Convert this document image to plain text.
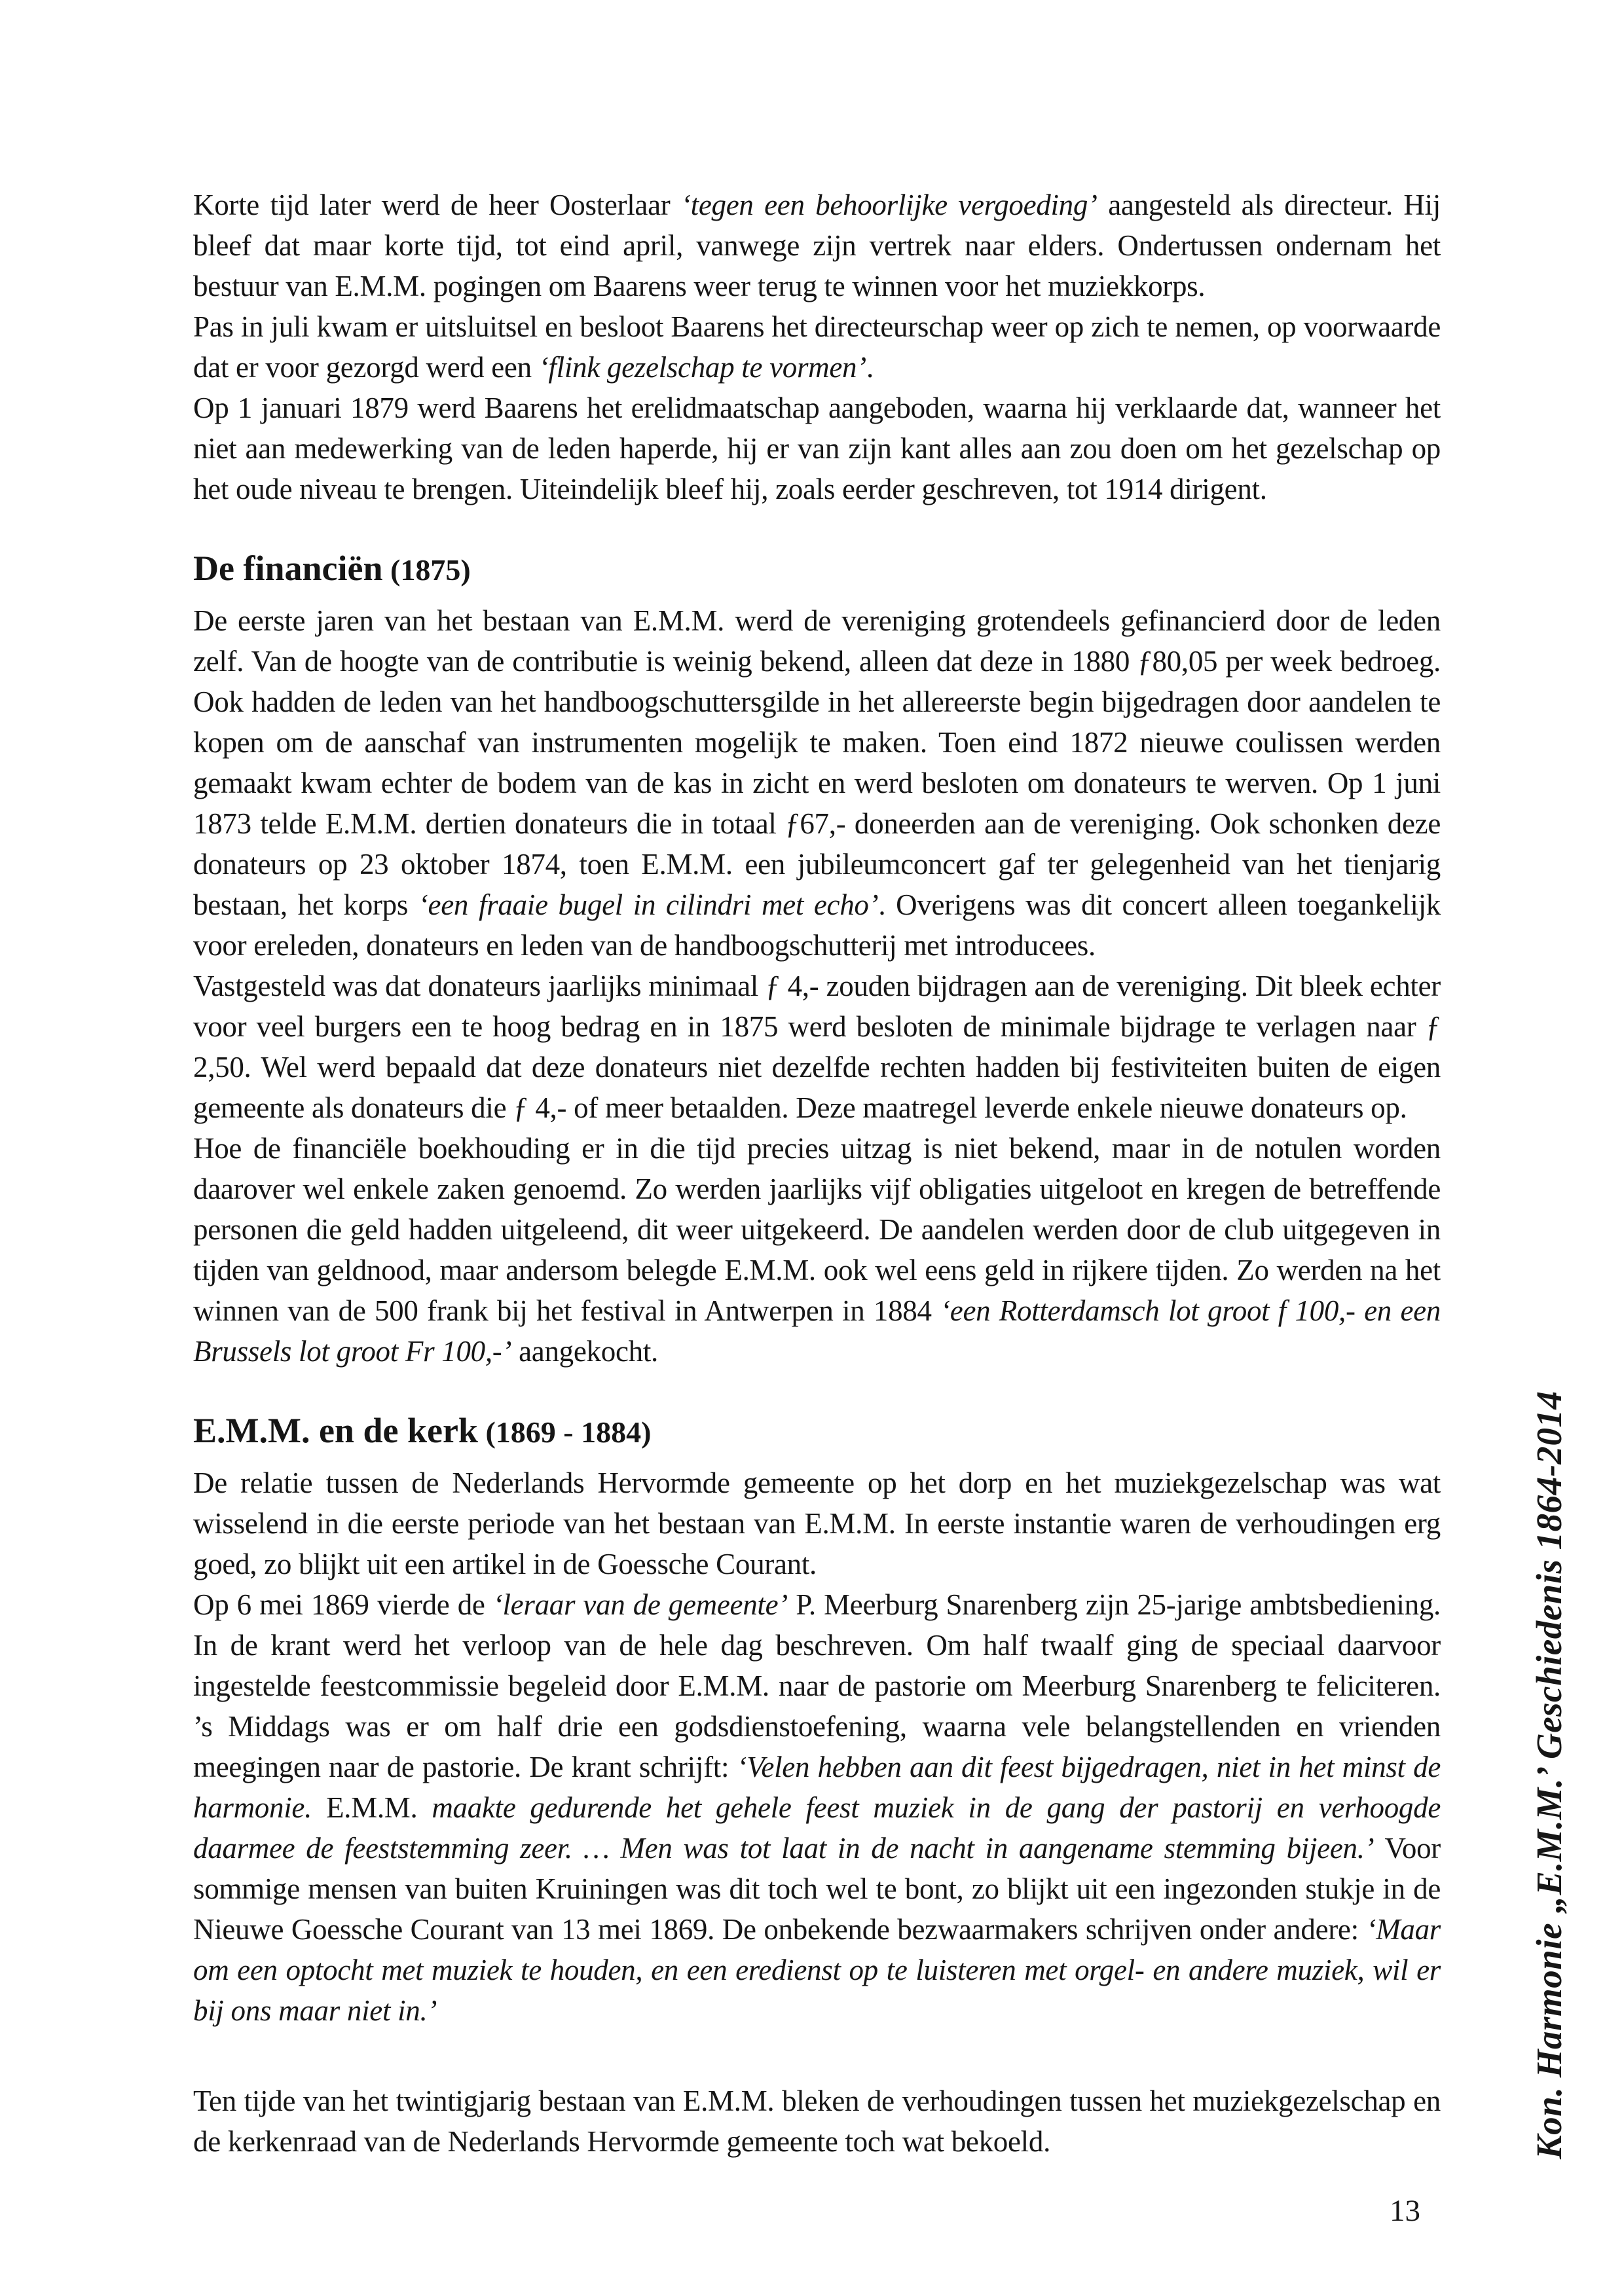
Korte tijd later werd de heer Oosterlaar ‘tegen een behoorlijke vergoeding’ aangesteld als directeur. Hij bleef dat maar korte tijd, tot eind april, vanwege zijn vertrek naar elders. Ondertussen ondernam het bestuur van E.M.M. pogingen om Baarens weer terug te winnen voor het muziekkorps.

Pas in juli kwam er uitsluitsel en besloot Baarens het directeurschap weer op zich te nemen, op voorwaarde dat er voor gezorgd werd een ‘flink gezelschap te vormen’.

Op 1 januari 1879 werd Baarens het erelidmaatschap aangeboden, waarna hij verklaarde dat, wanneer het niet aan medewerking van de leden haperde, hij er van zijn kant alles aan zou doen om het gezelschap op het oude niveau te brengen. Uiteindelijk bleef hij, zoals eerder geschreven, tot 1914 dirigent.

De financiën (1875)

De eerste jaren van het bestaan van E.M.M. werd de vereniging grotendeels gefinancierd door de leden zelf. Van de hoogte van de contributie is weinig bekend, alleen dat deze in 1880 ƒ80,05 per week bedroeg. Ook hadden de leden van het handboogschuttersgilde in het allereerste begin bijgedragen door aandelen te kopen om de aanschaf van instrumenten mogelijk te maken. Toen eind 1872 nieuwe coulissen werden gemaakt kwam echter de bodem van de kas in zicht en werd besloten om donateurs te werven. Op 1 juni 1873 telde E.M.M. dertien donateurs die in totaal ƒ67,- doneerden aan de vereniging. Ook schonken deze donateurs op 23 oktober 1874, toen E.M.M. een jubileumconcert gaf ter gelegenheid van het tienjarig bestaan, het korps ‘een fraaie bugel in cilindri met echo’. Overigens was dit concert alleen toegankelijk voor ereleden, donateurs en leden van de handboogschutterij met introducees.

Vastgesteld was dat donateurs jaarlijks minimaal ƒ 4,- zouden bijdragen aan de vereniging. Dit bleek echter voor veel burgers een te hoog bedrag en in 1875 werd besloten de minimale bijdrage te verlagen naar ƒ 2,50. Wel werd bepaald dat deze donateurs niet dezelfde rechten hadden bij festiviteiten buiten de eigen gemeente als donateurs die ƒ 4,- of meer betaalden. Deze maatregel leverde enkele nieuwe donateurs op.

Hoe de financiële boekhouding er in die tijd precies uitzag is niet bekend, maar in de notulen worden daarover wel enkele zaken genoemd. Zo werden jaarlijks vijf obligaties uitgeloot en kregen de betreffende personen die geld hadden uitgeleend, dit weer uitgekeerd. De aandelen werden door de club uitgegeven in tijden van geldnood, maar andersom belegde E.M.M. ook wel eens geld in rijkere tijden. Zo werden na het winnen van de 500 frank bij het festival in Antwerpen in 1884 ‘een Rotterdamsch lot groot f 100,- en een Brussels lot groot Fr 100,-’ aangekocht.

E.M.M. en de kerk (1869 - 1884)

De relatie tussen de Nederlands Hervormde gemeente op het dorp en het muziekgezelschap was wat wisselend in die eerste periode van het bestaan van E.M.M. In eerste instantie waren de verhoudingen erg goed, zo blijkt uit een artikel in de Goessche Courant.

Op 6 mei 1869 vierde de ‘leraar van de gemeente’ P. Meerburg Snarenberg zijn 25-jarige ambtsbediening. In de krant werd het verloop van de hele dag beschreven. Om half twaalf ging de speciaal daarvoor ingestelde feestcommissie begeleid door E.M.M. naar de pastorie om Meerburg Snarenberg te feliciteren. ’s Middags was er om half drie een godsdienstoefening, waarna vele belangstellenden en vrienden meegingen naar de pastorie. De krant schrijft: ‘Velen hebben aan dit feest bijgedragen, niet in het minst de harmonie. E.M.M. maakte gedurende het gehele feest muziek in de gang der pastorij en verhoogde daarmee de feeststemming zeer. … Men was tot laat in de nacht in aangename stemming bijeen.’ Voor sommige mensen van buiten Kruiningen was dit toch wel te bont, zo blijkt uit een ingezonden stukje in de Nieuwe Goessche Courant van 13 mei 1869. De onbekende bezwaarmakers schrijven onder andere: ‘Maar om een optocht met muziek te houden, en een eredienst op te luisteren met orgel- en andere muziek, wil er bij ons maar niet in.’

Ten tijde van het twintigjarig bestaan van E.M.M. bleken de verhoudingen tussen het muziekgezelschap en de kerkenraad van de Nederlands Hervormde gemeente toch wat bekoeld.	Kon. Harmonie „E.M.M.’ Geschiedenis 1864-2014
13
